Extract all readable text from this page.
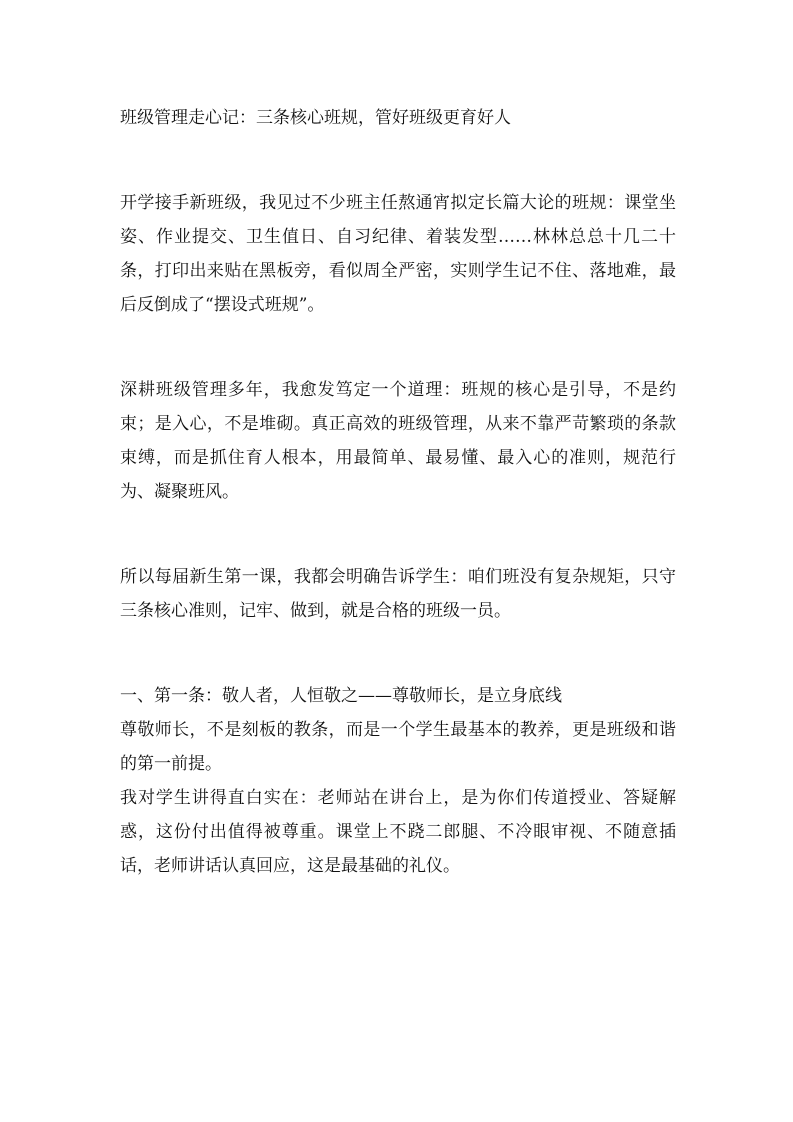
班级管理走心记：三条核心班规，管好班级更育好人

开学接手新班级，我见过不少班主任熬通宵拟定长篇大论的班规：课堂坐姿、作业提交、卫生值日、自习纪律、着装发型……林林总总十几二十条，打印出来贴在黑板旁，看似周全严密，实则学生记不住、落地难，最后反倒成了“摆设式班规”。

深耕班级管理多年，我愈发笃定一个道理：班规的核心是引导，不是约束；是入心，不是堆砌。真正高效的班级管理，从来不靠严苛繁琐的条款束缚，而是抓住育人根本，用最简单、最易懂、最入心的准则，规范行为、凝聚班风。

所以每届新生第一课，我都会明确告诉学生：咱们班没有复杂规矩，只守三条核心准则，记牢、做到，就是合格的班级一员。

一、第一条：敬人者，人恒敬之——尊敬师长，是立身底线

尊敬师长，不是刻板的教条，而是一个学生最基本的教养，更是班级和谐的第一前提。

我对学生讲得直白实在：老师站在讲台上，是为你们传道授业、答疑解惑，这份付出值得被尊重。课堂上不跷二郎腿、不冷眼审视、不随意插话，老师讲话认真回应，这是最基础的礼仪。
